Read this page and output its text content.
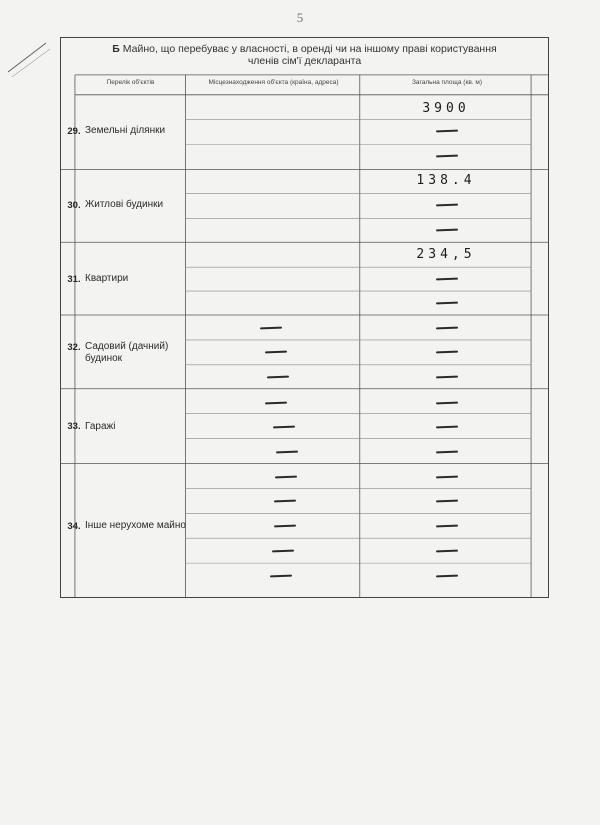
5
Б Майно, що перебуває у власності, в оренді чи на іншому праві користування
членів сім'ї декларанта
Перелік об'єктів	Місцезнаходження об'єкта (країна, адреса)	Загальна площа (кв. м)
29. Земельні ділянки
30. Житлові будинки
31. Квартири
32. Садовий (дачний) будинок
33. Гаражі
34. Інше нерухоме майно
3900
138.4
234,5
